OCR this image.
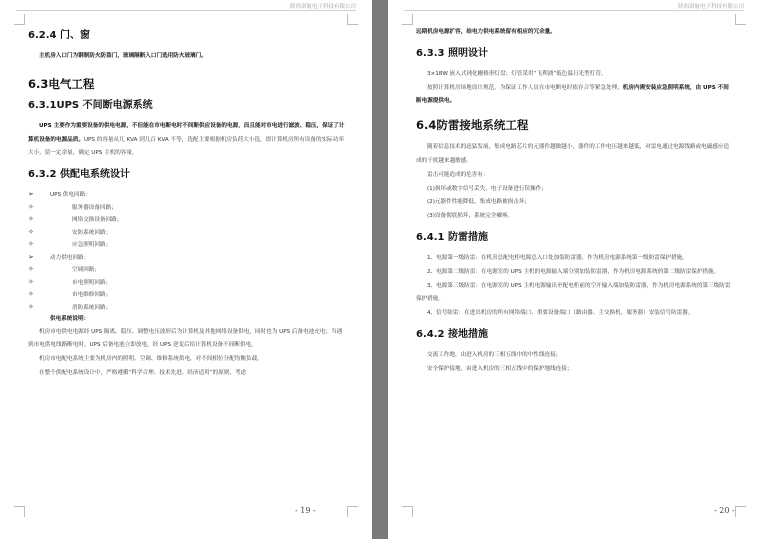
陕西诺航电子科技有限公司
6.2.4 门、窗
主机房入口门为钢制防火防盗门，玻璃隔断入口门选用防火玻璃门。
6.3电气工程
6.3.1UPS 不间断电源系统
UPS 主要作为重要设备的供电电源，不但能在市电断电时不间断供应设备的电源，而且能对市电进行滤波、稳压，保证了计算机设备的电源品质。UPS 的容量从几 KVA 到几百 KVA 不等，选配主要根据机房负荷大小选，即计算机房所有设备的实际功率大小，留一定余量，确定 UPS 主机的容量。
6.3.2 供配电系统设计
➢	UPS 供电回路：
✧	服务器设备回路；
✧	网络交换设备回路；
✧	安防系统回路；
✧	应急照明回路；
➢	动力供电回路：
✧	空调回路；
✧	市电照明回路；
✧	市电维修回路；
✧	消防系统回路；
供电系统说明：
机房市电供电电源经 UPS 隔离、稳压、调整电压波形后为计算机及其他网络设备供电，同时也为 UPS 后备电池充电；当遇到市电供电线路断电时，UPS 后备电池立即放电，经 UPS 逆变后给计算机设备不间断供电。
机房市电配电系统主要为机房内的照明、空调、维修系统供电，对不间相位分配均衡负载。
在整个供配电系统设计中，严格遵循“科学合理、技术先进、经济适用”的原则，考虑
- 19 -
陕西诺航电子科技有限公司
远期机房电源扩容，给电力供电系统留有相应的冗余量。
6.3.3 照明设计
3×18W 嵌入式钝化栅格形灯盘；灯管采用“飞利浦”低色温日光型灯管。
按照计算机房场地设计规范，为保证工作人员在市电断电时依存合等紧急处理，机房内需安装应急照明系统，由 UPS 不间断电源提供电。
6.4防雷接地系统工程
随着信息技术的迅猛发展，集成电路芯片的元器件越做越小，器件的工作电压越来越低，对雷电通过电源线路或电磁感应造成的干扰越来越敏感。
雷击可能造成的危害有：
(1)损坏或数字信号丢失，电子设备进行误操作；
(2)元器件性能降低，集成电路被损击坏；
(3)设备彻底损坏，系统完全瘫痪。
6.4.1 防雷措施
1、电源第一级防雷：在机房总配电柜电源总入口处加装防雷器，作为机房电源系统第一级防雷保护措施。
2、电源第二级防雷：在电源室的 UPS 主机的电源输入端分别加装防雷器，作为机房电源系统的第二级防雷保护措施。
3、电源第三级防雷：在电源室的 UPS 主机电源输出至配电柜前的空开输入端加装防雷器，作为机房电源系统的第三级防雷保护措施。
4、信号防雷：在进出机房的所有网络端口、重要设备端口（路由器、主交换机、服务器）安装信号防雷器。
6.4.2 接地措施
交流工作地，由进入机房的三相五线中的中性线连接；
安全保护接地，由进入机房的三相五线中的保护地线连接；
- 20 -
